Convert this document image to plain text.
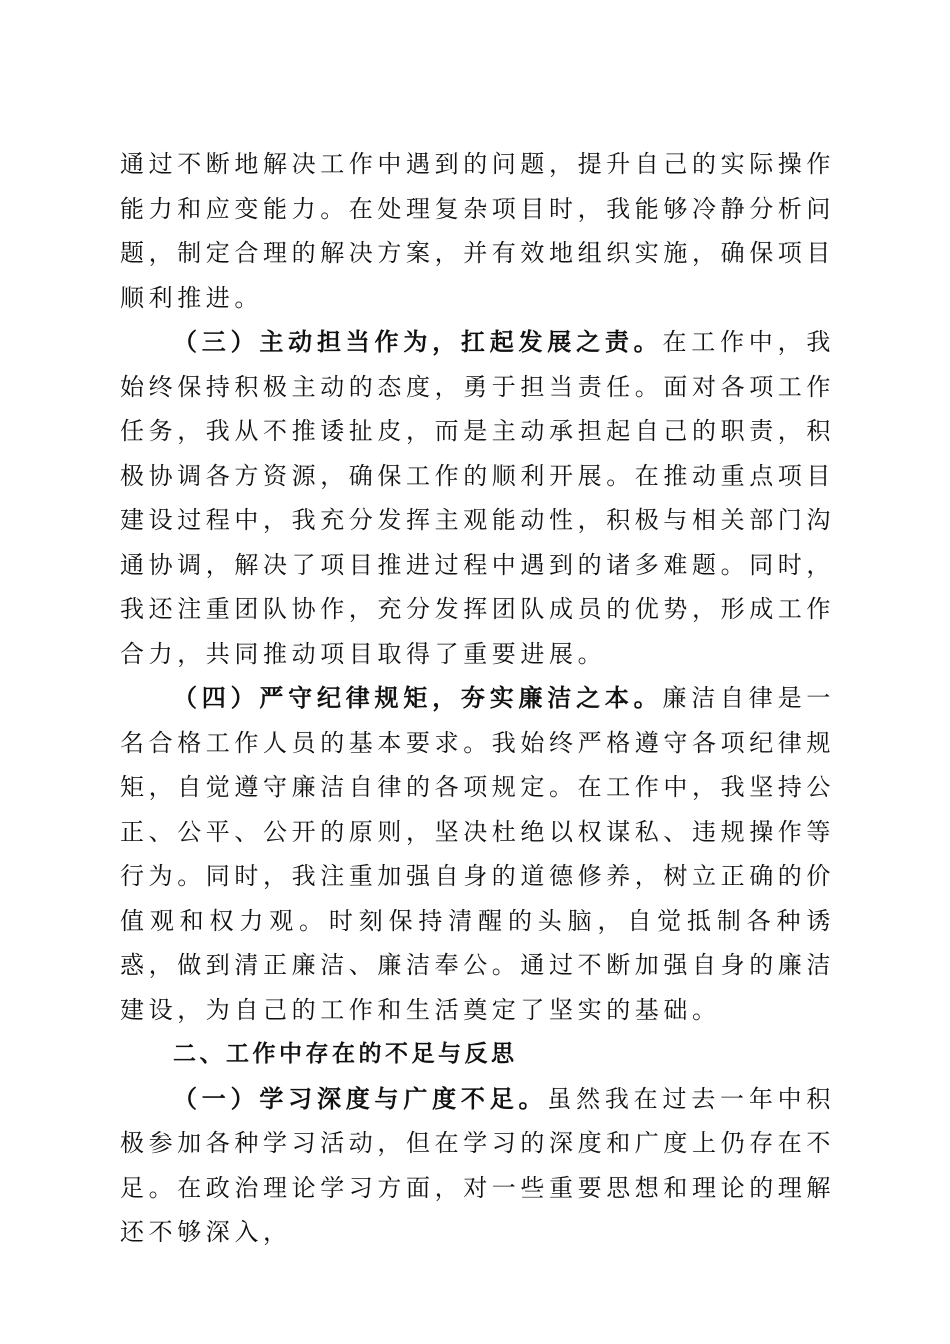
通过不断地解决工作中遇到的问题，提升自己的实际操作能力和应变能力。在处理复杂项目时，我能够冷静分析问题，制定合理的解决方案，并有效地组织实施，确保项目顺利推进。

（三）主动担当作为，扛起发展之责。在工作中，我始终保持积极主动的态度，勇于担当责任。面对各项工作任务，我从不推诿扯皮，而是主动承担起自己的职责，积极协调各方资源，确保工作的顺利开展。在推动重点项目建设过程中，我充分发挥主观能动性，积极与相关部门沟通协调，解决了项目推进过程中遇到的诸多难题。同时，我还注重团队协作，充分发挥团队成员的优势，形成工作合力，共同推动项目取得了重要进展。

（四）严守纪律规矩，夯实廉洁之本。廉洁自律是一名合格工作人员的基本要求。我始终严格遵守各项纪律规矩，自觉遵守廉洁自律的各项规定。在工作中，我坚持公正、公平、公开的原则，坚决杜绝以权谋私、违规操作等行为。同时，我注重加强自身的道德修养，树立正确的价值观和权力观。时刻保持清醒的头脑，自觉抵制各种诱惑，做到清正廉洁、廉洁奉公。通过不断加强自身的廉洁建设，为自己的工作和生活奠定了坚实的基础。

二、工作中存在的不足与反思

（一）学习深度与广度不足。虽然我在过去一年中积极参加各种学习活动，但在学习的深度和广度上仍存在不足。在政治理论学习方面，对一些重要思想和理论的理解还不够深入，
